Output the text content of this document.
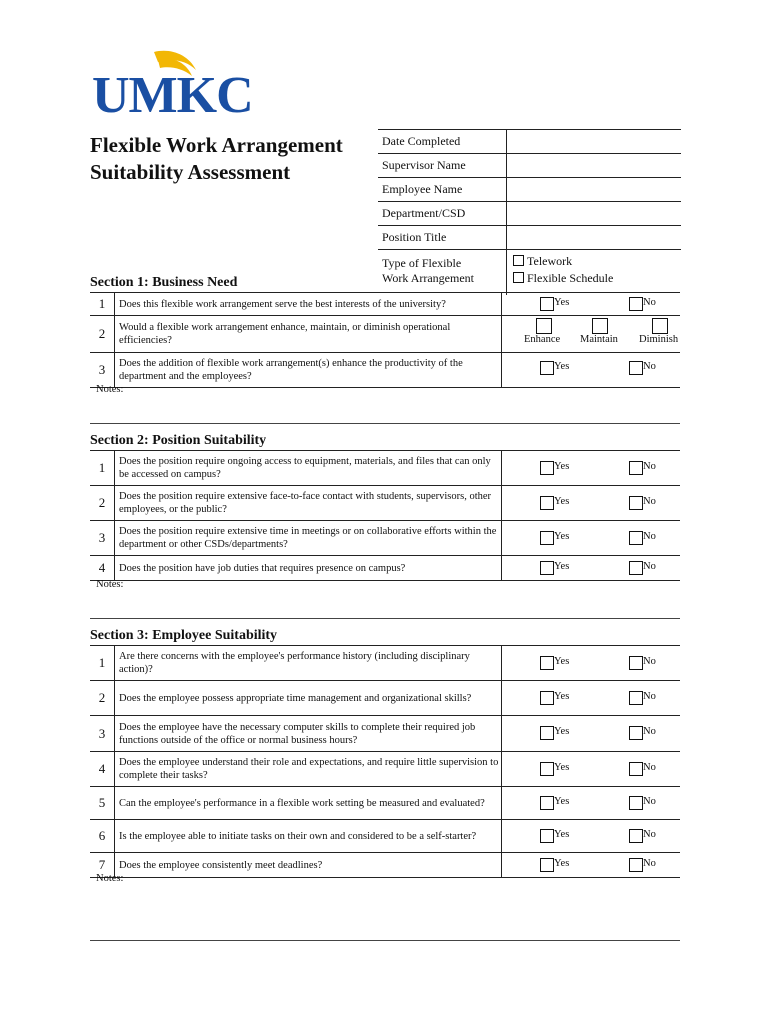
UMKC
Flexible Work Arrangement Suitability Assessment
Date Completed
Supervisor Name
Employee Name
Department/CSD
Position Title
Type of Flexible
Work Arrangement
Telework
Flexible Schedule
Section 1: Business Need
1	Does this flexible work arrangement serve the best interests of the university?	Yes	No
2	Would a flexible work arrangement enhance, maintain, or diminish operational efficiencies?	Enhance Maintain Diminish
3	Does the addition of flexible work arrangement(s) enhance the productivity of the department and the employees?
Yes	No
Notes:
Section 2: Position Suitability
1	Does the position require ongoing access to equipment, materials, and files that can only be accessed on campus?
Yes	No
2	Does the position require extensive face-to-face contact with students, supervisors, other employees, or the public?
Yes	No
3	Does the position require extensive time in meetings or on collaborative efforts within the department or other CSDs/departments?
Yes	No
4	Does the position have job duties that requires presence on campus?	Yes	No
Notes:
Section 3: Employee Suitability
1	Are there concerns with the employee's performance history (including disciplinary action)?
Yes	No
2	Does the employee possess appropriate time management and organizational skills?	Yes	No
3	Does the employee have the necessary computer skills to complete their required job functions outside of the office or normal business hours?
Yes	No
4	Does the employee understand their role and expectations, and require little supervision to complete their tasks?
Yes	No
5	Can the employee's performance in a flexible work setting be measured and evaluated?	Yes	No
6	Is the employee able to initiate tasks on their own and considered to be a self-starter?	Yes	No
7	Does the employee consistently meet deadlines?	Yes	No
Notes:
